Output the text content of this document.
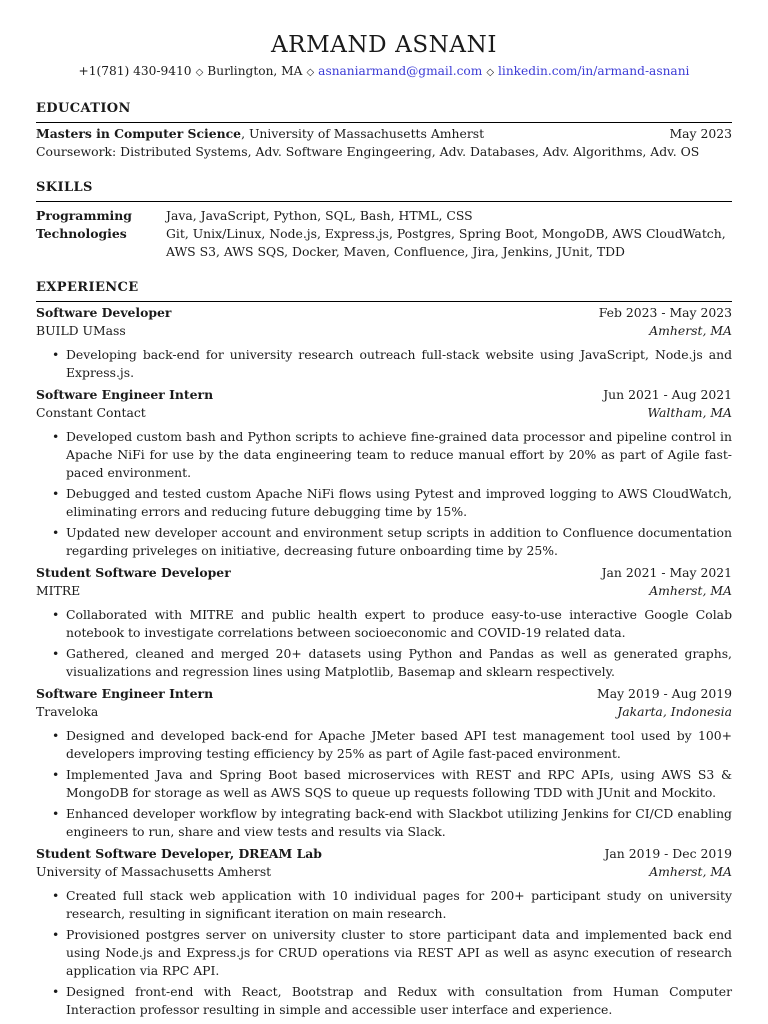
ARMAND ASNANI
+1(781) 430-9410 ◇ Burlington, MA ◇ asnaniarmand@gmail.com ◇ linkedin.com/in/armand-asnani
EDUCATION
Masters in Computer Science, University of Massachusetts Amherst	May 2023
Coursework: Distributed Systems, Adv. Software Engingeering, Adv. Databases, Adv. Algorithms, Adv. OS
SKILLS
Programming	Java, JavaScript, Python, SQL, Bash, HTML, CSS
Technologies	Git, Unix/Linux, Node.js, Express.js, Postgres, Spring Boot, MongoDB, AWS CloudWatch, AWS S3, AWS SQS, Docker, Maven, Confluence, Jira, Jenkins, JUnit, TDD
EXPERIENCE
Software Developer	Feb 2023 - May 2023
BUILD UMass	Amherst, MA
• Developing back-end for university research outreach full-stack website using JavaScript, Node.js and Express.js.
Software Engineer Intern	Jun 2021 - Aug 2021
Constant Contact	Waltham, MA
• Developed custom bash and Python scripts to achieve fine-grained data processor and pipeline control in Apache NiFi for use by the data engineering team to reduce manual effort by 20% as part of Agile fast-paced environment.
• Debugged and tested custom Apache NiFi flows using Pytest and improved logging to AWS CloudWatch, eliminating errors and reducing future debugging time by 15%.
• Updated new developer account and environment setup scripts in addition to Confluence documentation regarding priveleges on initiative, decreasing future onboarding time by 25%.
Student Software Developer	Jan 2021 - May 2021
MITRE	Amherst, MA
• Collaborated with MITRE and public health expert to produce easy-to-use interactive Google Colab notebook to investigate correlations between socioeconomic and COVID-19 related data.
• Gathered, cleaned and merged 20+ datasets using Python and Pandas as well as generated graphs, visualizations and regression lines using Matplotlib, Basemap and sklearn respectively.
Software Engineer Intern	May 2019 - Aug 2019
Traveloka	Jakarta, Indonesia
• Designed and developed back-end for Apache JMeter based API test management tool used by 100+ developers improving testing efficiency by 25% as part of Agile fast-paced environment.
• Implemented Java and Spring Boot based microservices with REST and RPC APIs, using AWS S3 & MongoDB for storage as well as AWS SQS to queue up requests following TDD with JUnit and Mockito.
• Enhanced developer workflow by integrating back-end with Slackbot utilizing Jenkins for CI/CD enabling engineers to run, share and view tests and results via Slack.
Student Software Developer, DREAM Lab	Jan 2019 - Dec 2019
University of Massachusetts Amherst	Amherst, MA
• Created full stack web application with 10 individual pages for 200+ participant study on university research, resulting in significant iteration on main research.
• Provisioned postgres server on university cluster to store participant data and implemented back end using Node.js and Express.js for CRUD operations via REST API as well as async execution of research application via RPC API.
• Designed front-end with React, Bootstrap and Redux with consultation from Human Computer Interaction professor resulting in simple and accessible user interface and experience.
